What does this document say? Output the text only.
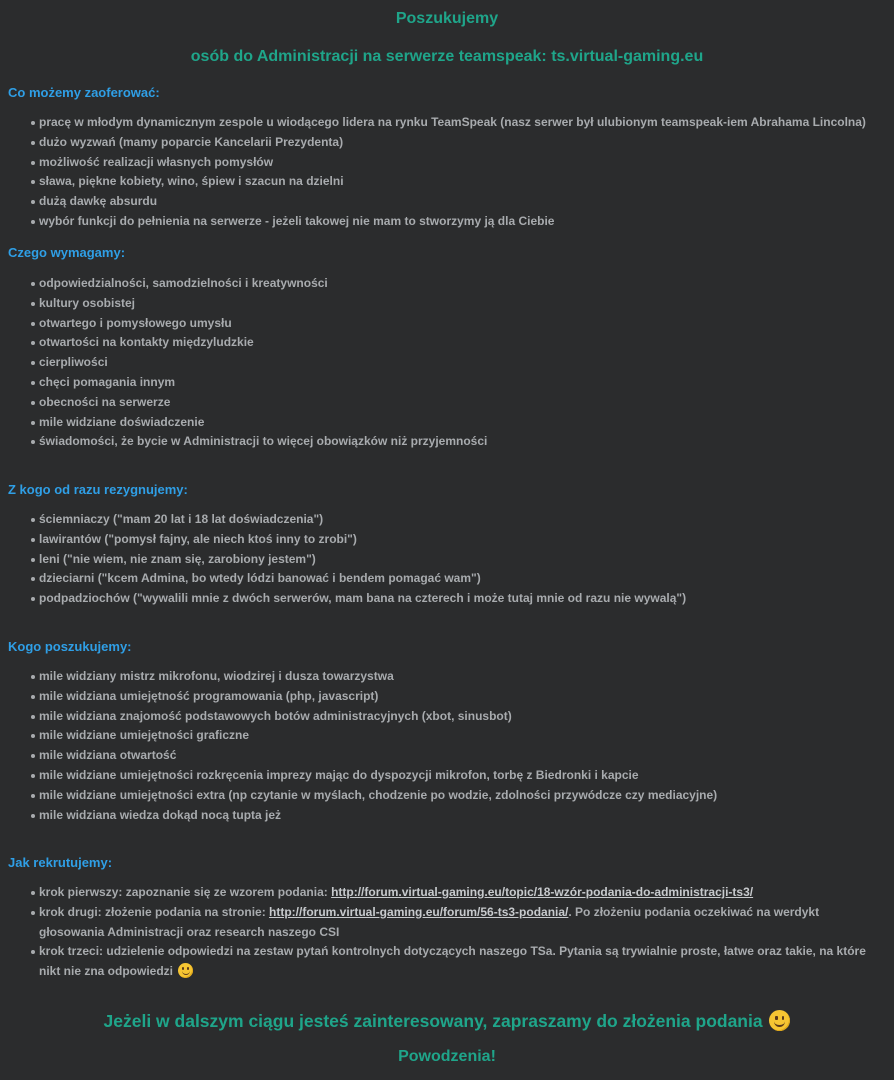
Poszukujemy
osób do Administracji na serwerze teamspeak: ts.virtual-gaming.eu
Co możemy zaoferować:
pracę w młodym dynamicznym zespole u wiodącego lidera na rynku TeamSpeak (nasz serwer był ulubionym teamspeak-iem Abrahama Lincolna)
dużo wyzwań (mamy poparcie Kancelarii Prezydenta)
możliwość realizacji własnych pomysłów
sława, piękne kobiety, wino, śpiew i szacun na dzielni
dużą dawkę absurdu
wybór funkcji do pełnienia na serwerze - jeżeli takowej nie mam to stworzymy ją dla Ciebie
Czego wymagamy:
odpowiedzialności, samodzielności i kreatywności
kultury osobistej
otwartego i pomysłowego umysłu
otwartości na kontakty międzyludzkie
cierpliwości
chęci pomagania innym
obecności na serwerze
mile widziane doświadczenie
świadomości, że bycie w Administracji to więcej obowiązków niż przyjemności
Z kogo od razu rezygnujemy:
ściemniaczy ("mam 20 lat i 18 lat doświadczenia")
lawirantów ("pomysł fajny, ale niech ktoś inny to zrobi")
leni ("nie wiem, nie znam się, zarobiony jestem")
dzieciarni ("kcem Admina, bo wtedy lódzi banować i bendem pomagać wam")
podpadziochów ("wywalili mnie z dwóch serwerów, mam bana na czterech i może tutaj mnie od razu nie wywalą")
Kogo poszukujemy:
mile widziany mistrz mikrofonu, wiodzirej i dusza towarzystwa
mile widziana umiejętność programowania (php, javascript)
mile widziana znajomość podstawowych botów administracyjnych (xbot, sinusbot)
mile widziane umiejętności graficzne
mile widziana otwartość
mile widziane umiejętności rozkręcenia imprezy mając do dyspozycji mikrofon, torbę z Biedronki i kapcie
mile widziane umiejętności extra (np czytanie w myślach, chodzenie po wodzie, zdolności przywódcze czy mediacyjne)
mile widziana wiedza dokąd nocą tupta jeż
Jak rekrutujemy:
krok pierwszy: zapoznanie się ze wzorem podania: http://forum.virtual-gaming.eu/topic/18-wzór-podania-do-administracji-ts3/
krok drugi: złożenie podania na stronie: http://forum.virtual-gaming.eu/forum/56-ts3-podania/. Po złożeniu podania oczekiwać na werdykt głosowania Administracji oraz research naszego CSI
krok trzeci: udzielenie odpowiedzi na zestaw pytań kontrolnych dotyczących naszego TSa. Pytania są trywialnie proste, łatwe oraz takie, na które nikt nie zna odpowiedzi
Jeżeli w dalszym ciągu jesteś zainteresowany, zapraszamy do złożenia podania
Powodzenia!
